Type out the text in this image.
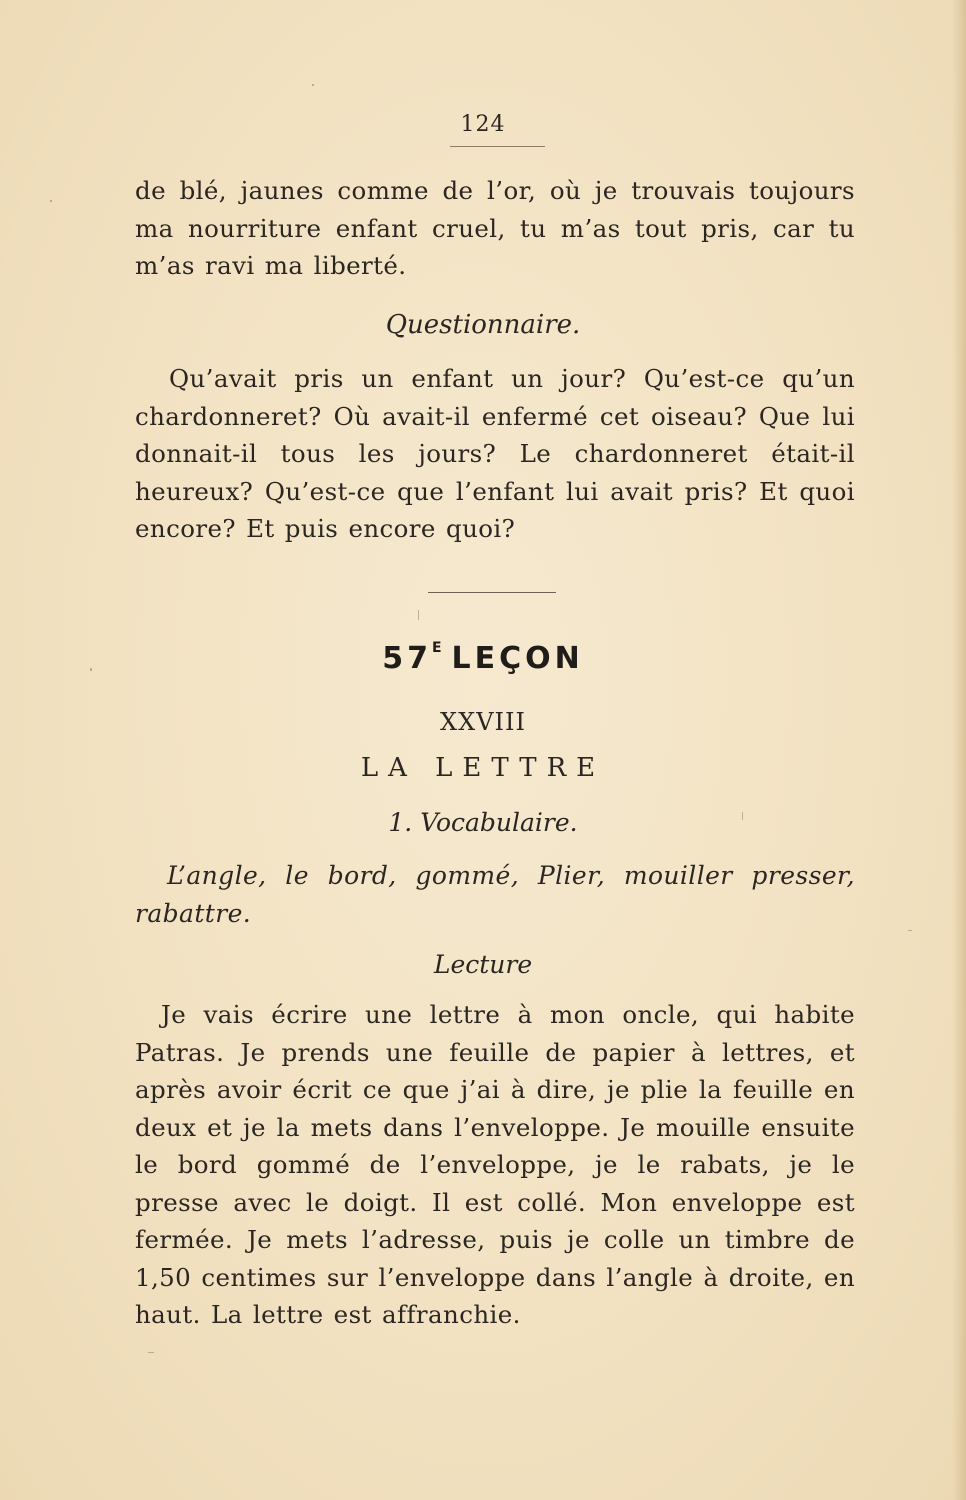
124

de blé, jaunes comme de l’or, où je trouvais toujours ma nourriture enfant cruel, tu m’as tout pris, car tu m’as ravi ma liberté.

Questionnaire.

Qu’avait pris un enfant un jour? Qu’est-ce qu’un chardonneret? Où avait-il enfermé cet oiseau? Que lui donnait-il tous les jours? Le chardonneret était-il heureux? Qu’est-ce que l’enfant lui avait pris? Et quoi encore? Et puis encore quoi?

$57^E$ LEÇON
XXVIII
LA LETTRE
1. Vocabulaire.

L’angle, le bord, gommé, Plier, mouiller presser, rabattre.

Lecture

Je vais écrire une lettre à mon oncle, qui habite Patras. Je prends une feuille de papier à lettres, et après avoir écrit ce que j’ai à dire, je plie la feuille en deux et je la mets dans l’enveloppe. Je mouille ensuite le bord gommé de l’enveloppe, je le rabats, je le presse avec le doigt. Il est collé. Mon enveloppe est fermée. Je mets l’adresse, puis je colle un timbre de 1,50 centimes sur l’enveloppe dans l’angle à droite, en haut. La lettre est affranchie.
